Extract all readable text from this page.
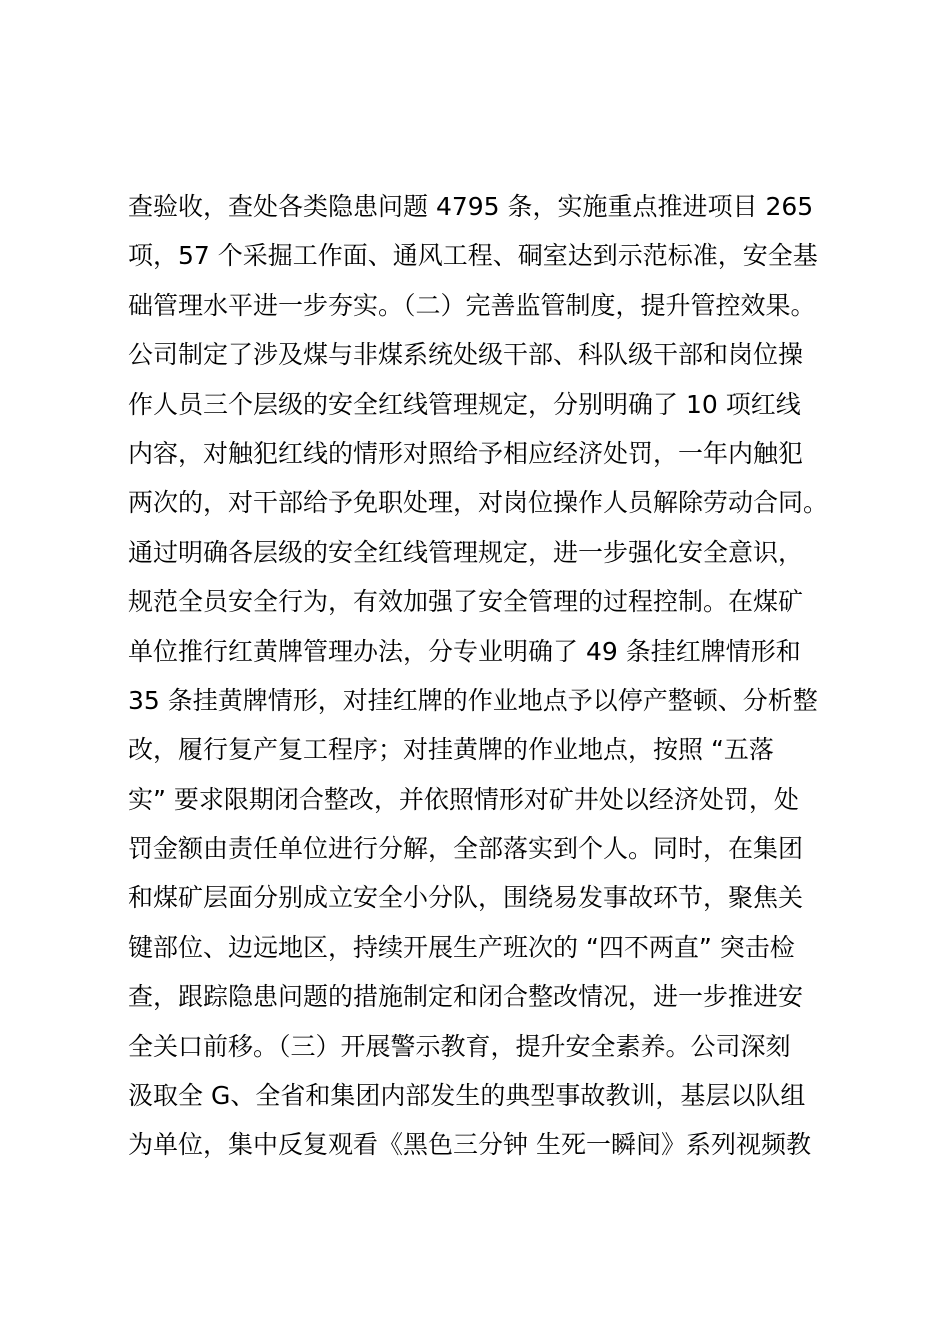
查验收，查处各类隐患问题 4795 条，实施重点推进项目 265
项，57 个采掘工作面、通风工程、硐室达到示范标准，安全基
础管理水平进一步夯实。（二）完善监管制度，提升管控效果。
公司制定了涉及煤与非煤系统处级干部、科队级干部和岗位操
作人员三个层级的安全红线管理规定，分别明确了 10 项红线
内容，对触犯红线的情形对照给予相应经济处罚，一年内触犯
两次的，对干部给予免职处理，对岗位操作人员解除劳动合同。
通过明确各层级的安全红线管理规定，进一步强化安全意识，
规范全员安全行为，有效加强了安全管理的过程控制。在煤矿
单位推行红黄牌管理办法，分专业明确了 49 条挂红牌情形和
35 条挂黄牌情形，对挂红牌的作业地点予以停产整顿、分析整
改，履行复产复工程序；对挂黄牌的作业地点，按照 “五落
实” 要求限期闭合整改，并依照情形对矿井处以经济处罚，处
罚金额由责任单位进行分解，全部落实到个人。同时，在集团
和煤矿层面分别成立安全小分队，围绕易发事故环节，聚焦关
键部位、边远地区，持续开展生产班次的 “四不两直” 突击检
查，跟踪隐患问题的措施制定和闭合整改情况，进一步推进安
全关口前移。（三）开展警示教育，提升安全素养。公司深刻
汲取全 G、全省和集团内部发生的典型事故教训，基层以队组
为单位，集中反复观看《黑色三分钟 生死一瞬间》系列视频教
